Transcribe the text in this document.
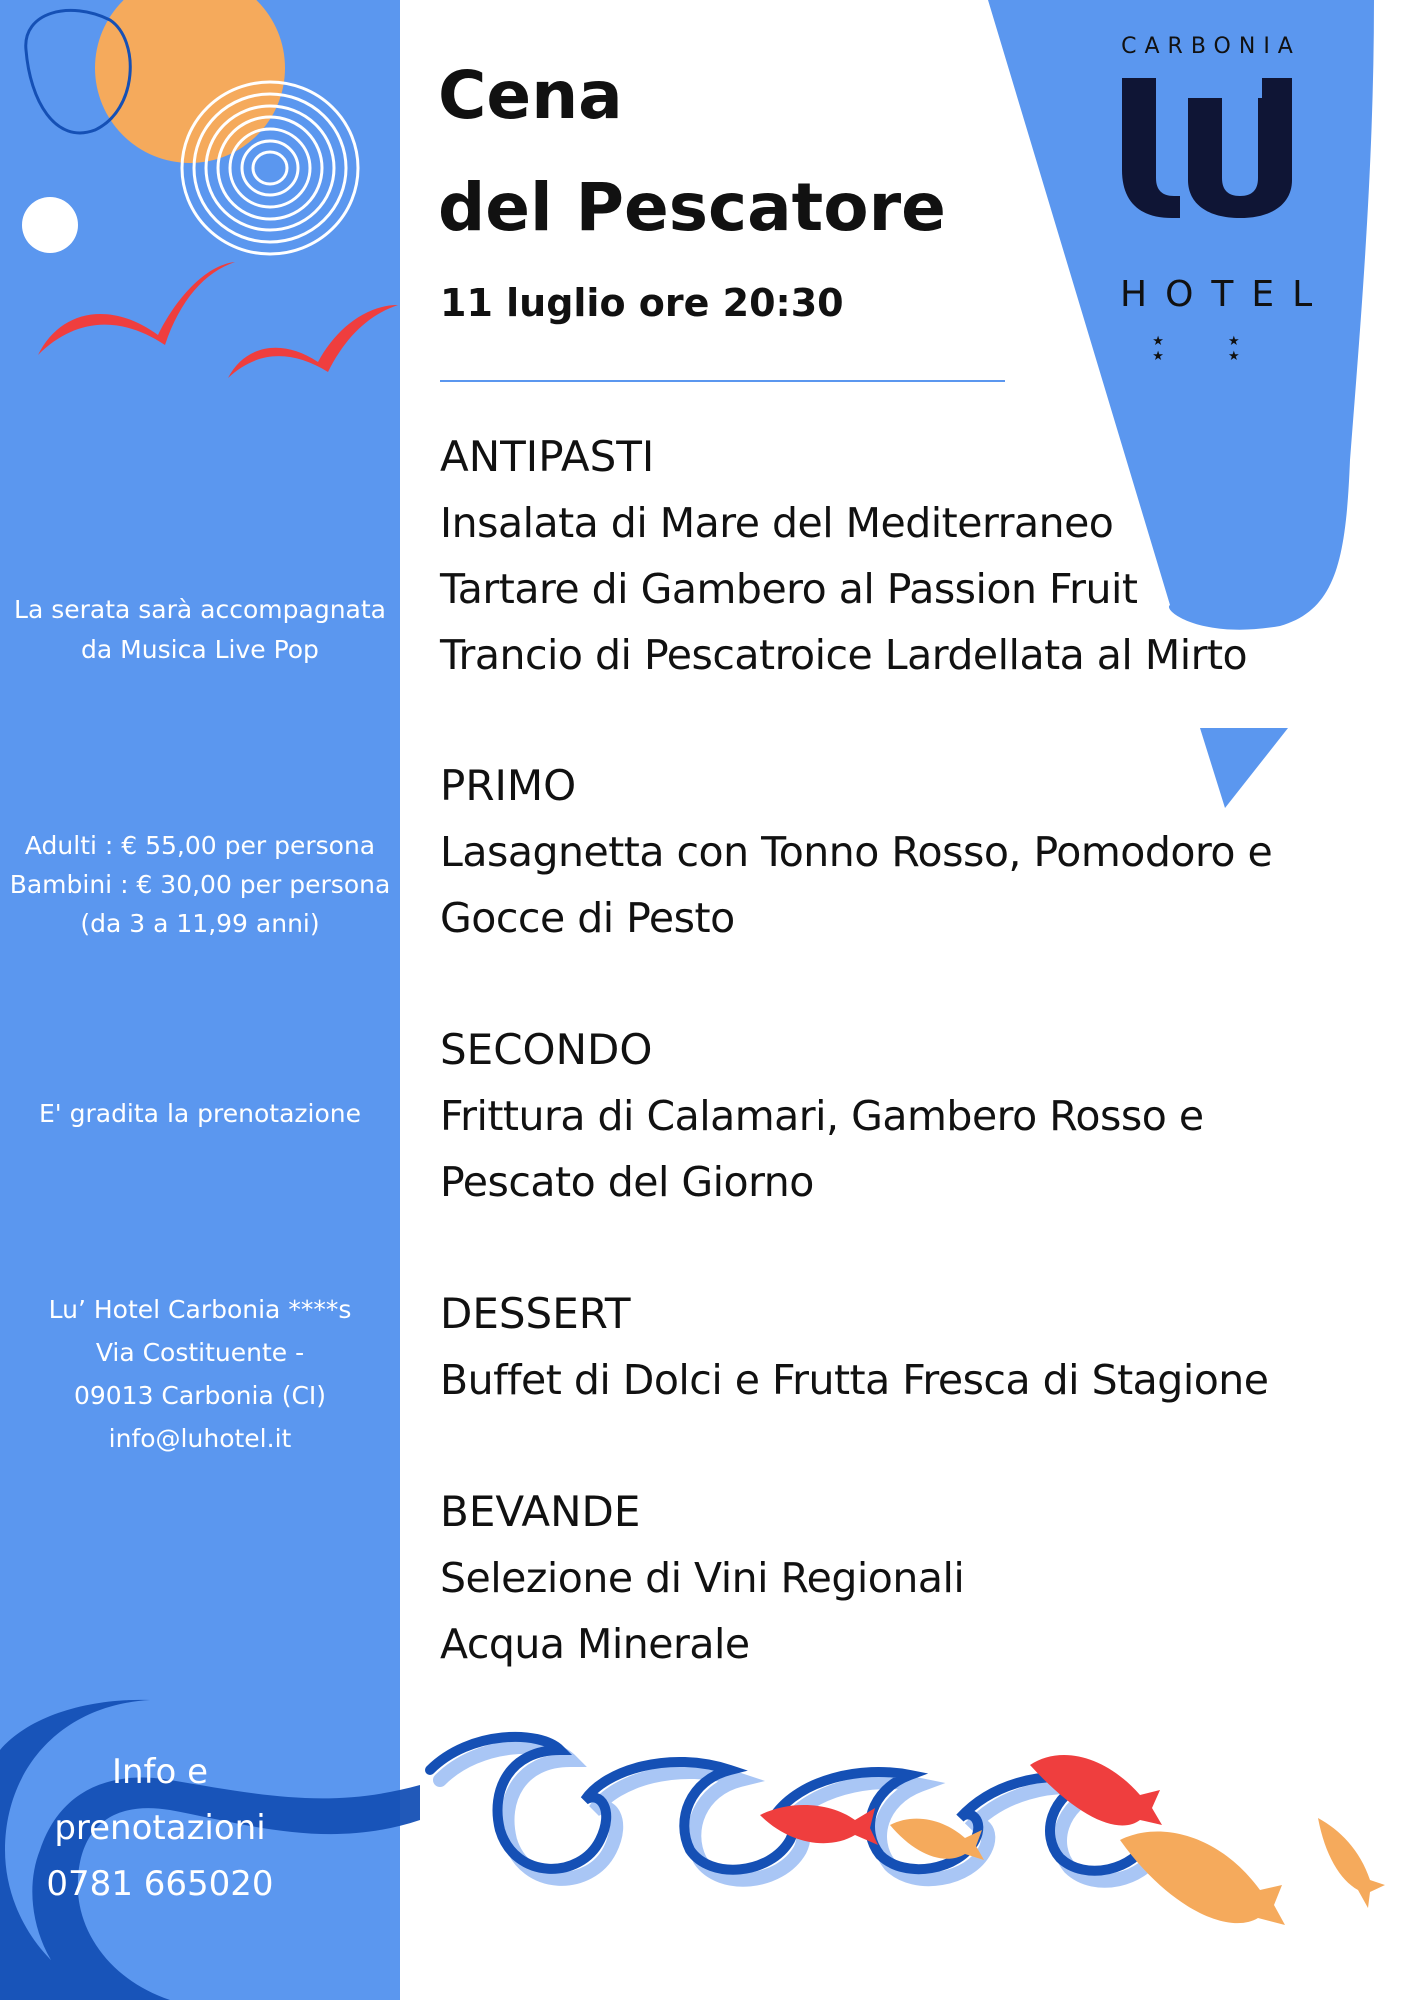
La serata sarà accompagnata
da Musica Live Pop
Adulti : € 55,00 per persona
Bambini : € 30,00 per persona
(da 3 a 11,99 anni)
E' gradita la prenotazione
Lu’ Hotel Carbonia ****s
Via Costituente -
09013 Carbonia (CI)
info@luhotel.it
Info e
prenotazioni
0781 665020
Cena
del Pescatore
11 luglio ore 20:30
CARBONIA
HOTEL
★ ★ ★ ★
ANTIPASTI
Insalata di Mare del Mediterraneo
Tartare di Gambero al Passion Fruit
Trancio di Pescatroice Lardellata al Mirto
PRIMO
Lasagnetta con Tonno Rosso, Pomodoro e
Gocce di Pesto
SECONDO
Frittura di Calamari, Gambero Rosso e
Pescato del Giorno
DESSERT
Buffet di Dolci e Frutta Fresca di Stagione
BEVANDE
Selezione di Vini Regionali
Acqua Minerale
